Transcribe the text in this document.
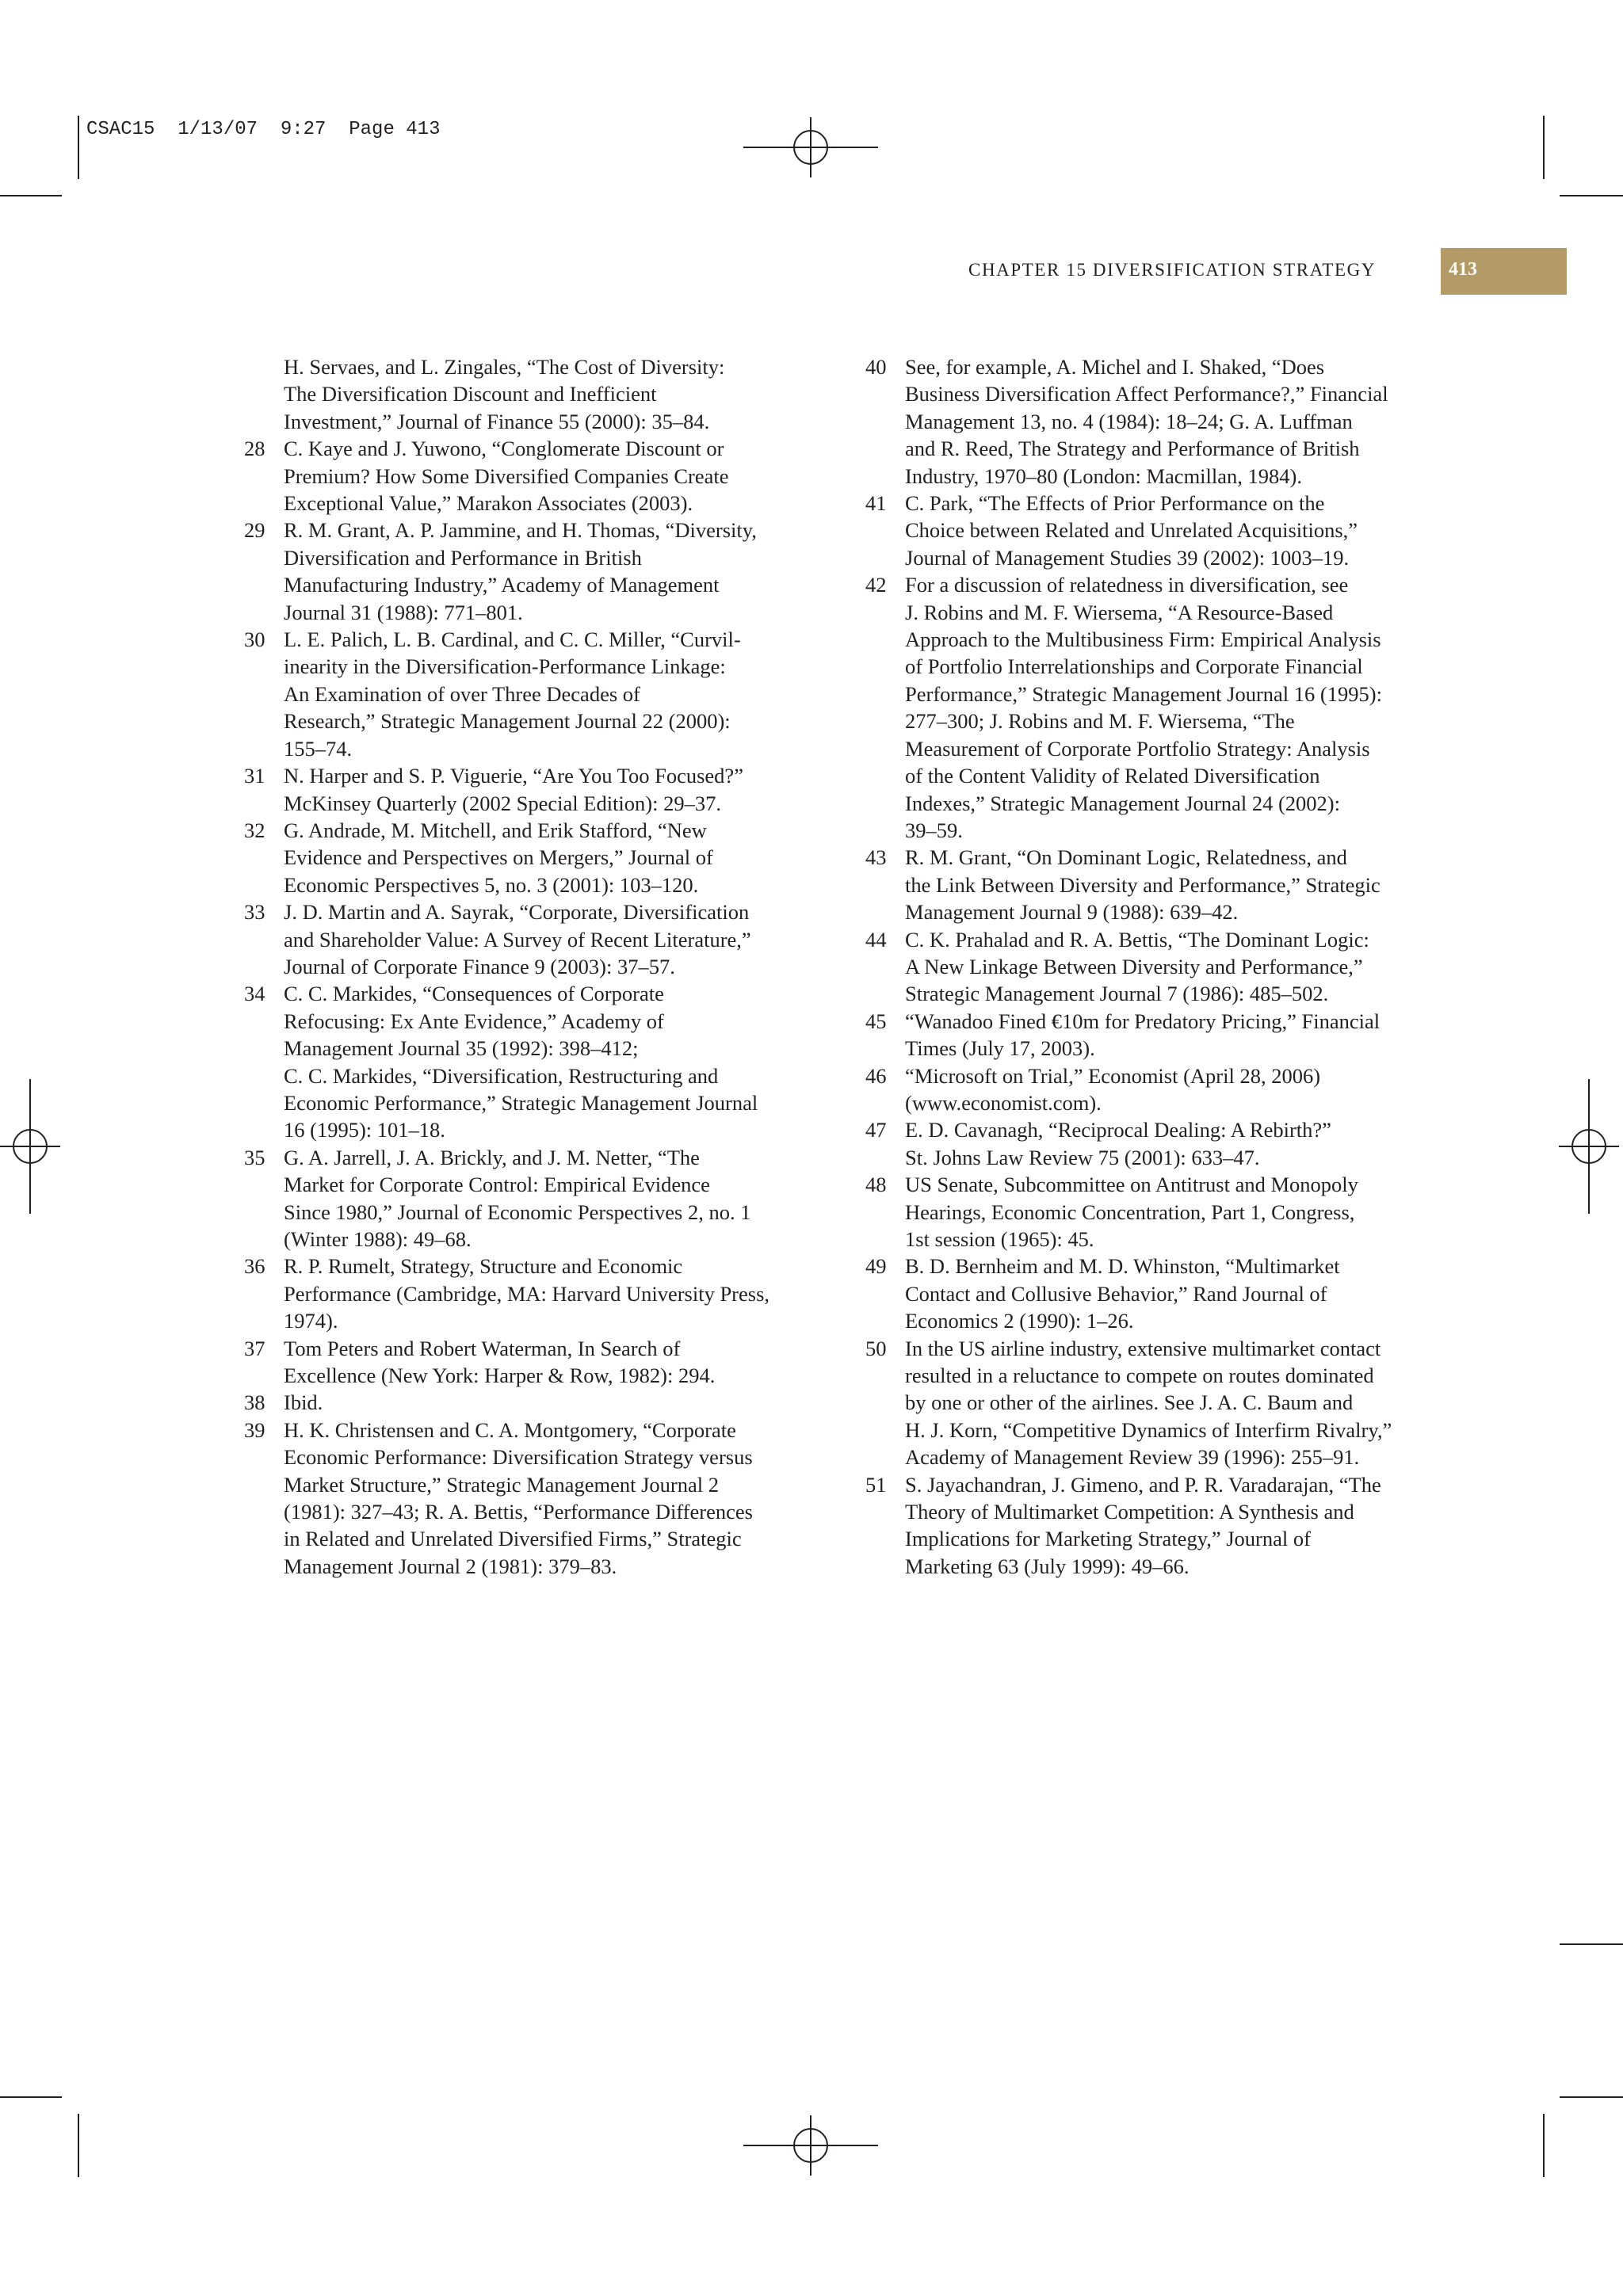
CSAC15  1/13/07  9:27  Page 413
CHAPTER 15 DIVERSIFICATION STRATEGY	413
H. Servaes, and L. Zingales, “The Cost of Diversity:
The Diversification Discount and Inefficient
Investment,” Journal of Finance 55 (2000): 35–84.
28 C. Kaye and J. Yuwono, “Conglomerate Discount or
Premium? How Some Diversified Companies Create
Exceptional Value,” Marakon Associates (2003).
29 R. M. Grant, A. P. Jammine, and H. Thomas, “Diversity,
Diversification and Performance in British
Manufacturing Industry,” Academy of Management
Journal 31 (1988): 771–801.
30 L. E. Palich, L. B. Cardinal, and C. C. Miller, “Curvil-
inearity in the Diversification-Performance Linkage:
An Examination of over Three Decades of
Research,” Strategic Management Journal 22 (2000):
155–74.
31 N. Harper and S. P. Viguerie, “Are You Too Focused?”
McKinsey Quarterly (2002 Special Edition): 29–37.
32 G. Andrade, M. Mitchell, and Erik Stafford, “New
Evidence and Perspectives on Mergers,” Journal of
Economic Perspectives 5, no. 3 (2001): 103–120.
33 J. D. Martin and A. Sayrak, “Corporate, Diversification
and Shareholder Value: A Survey of Recent Literature,”
Journal of Corporate Finance 9 (2003): 37–57.
34 C. C. Markides, “Consequences of Corporate
Refocusing: Ex Ante Evidence,” Academy of
Management Journal 35 (1992): 398–412;
C. C. Markides, “Diversification, Restructuring and
Economic Performance,” Strategic Management Journal
16 (1995): 101–18.
35 G. A. Jarrell, J. A. Brickly, and J. M. Netter, “The
Market for Corporate Control: Empirical Evidence
Since 1980,” Journal of Economic Perspectives 2, no. 1
(Winter 1988): 49–68.
36 R. P. Rumelt, Strategy, Structure and Economic
Performance (Cambridge, MA: Harvard University Press,
1974).
37 Tom Peters and Robert Waterman, In Search of
Excellence (New York: Harper & Row, 1982): 294.
38 Ibid.
39 H. K. Christensen and C. A. Montgomery, “Corporate
Economic Performance: Diversification Strategy versus
Market Structure,” Strategic Management Journal 2
(1981): 327–43; R. A. Bettis, “Performance Differences
in Related and Unrelated Diversified Firms,” Strategic
Management Journal 2 (1981): 379–83.
40 See, for example, A. Michel and I. Shaked, “Does
Business Diversification Affect Performance?,” Financial
Management 13, no. 4 (1984): 18–24; G. A. Luffman
and R. Reed, The Strategy and Performance of British
Industry, 1970–80 (London: Macmillan, 1984).
41 C. Park, “The Effects of Prior Performance on the
Choice between Related and Unrelated Acquisitions,”
Journal of Management Studies 39 (2002): 1003–19.
42 For a discussion of relatedness in diversification, see
J. Robins and M. F. Wiersema, “A Resource-Based
Approach to the Multibusiness Firm: Empirical Analysis
of Portfolio Interrelationships and Corporate Financial
Performance,” Strategic Management Journal 16 (1995):
277–300; J. Robins and M. F. Wiersema, “The
Measurement of Corporate Portfolio Strategy: Analysis
of the Content Validity of Related Diversification
Indexes,” Strategic Management Journal 24 (2002):
39–59.
43 R. M. Grant, “On Dominant Logic, Relatedness, and
the Link Between Diversity and Performance,” Strategic
Management Journal 9 (1988): 639–42.
44 C. K. Prahalad and R. A. Bettis, “The Dominant Logic:
A New Linkage Between Diversity and Performance,”
Strategic Management Journal 7 (1986): 485–502.
45 “Wanadoo Fined €10m for Predatory Pricing,” Financial
Times (July 17, 2003).
46 “Microsoft on Trial,” Economist (April 28, 2006)
(www.economist.com).
47 E. D. Cavanagh, “Reciprocal Dealing: A Rebirth?”
St. Johns Law Review 75 (2001): 633–47.
48 US Senate, Subcommittee on Antitrust and Monopoly
Hearings, Economic Concentration, Part 1, Congress,
1st session (1965): 45.
49 B. D. Bernheim and M. D. Whinston, “Multimarket
Contact and Collusive Behavior,” Rand Journal of
Economics 2 (1990): 1–26.
50 In the US airline industry, extensive multimarket contact
resulted in a reluctance to compete on routes dominated
by one or other of the airlines. See J. A. C. Baum and
H. J. Korn, “Competitive Dynamics of Interfirm Rivalry,”
Academy of Management Review 39 (1996): 255–91.
51 S. Jayachandran, J. Gimeno, and P. R. Varadarajan, “The
Theory of Multimarket Competition: A Synthesis and
Implications for Marketing Strategy,” Journal of
Marketing 63 (July 1999): 49–66.
